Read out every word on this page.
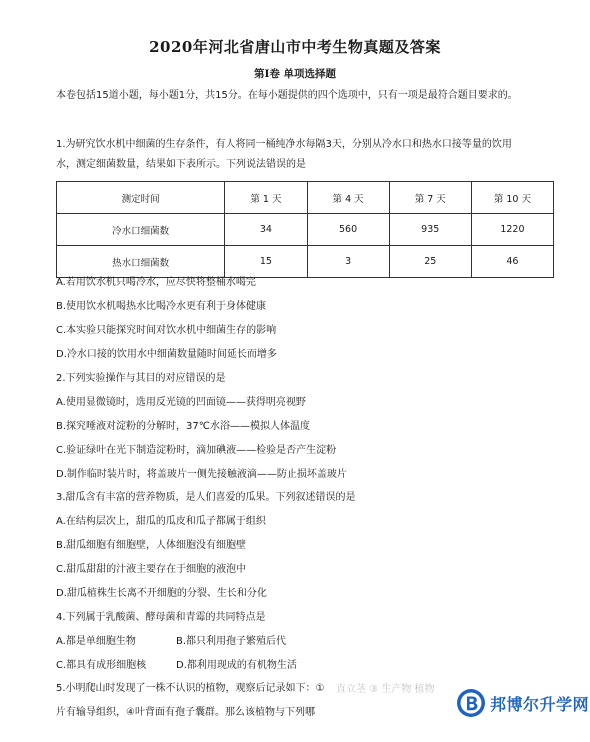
2020年河北省唐山市中考生物真题及答案
第Ⅰ卷 单项选择题
本卷包括15道小题，每小题1分，共15分。在每小题提供的四个选项中，只有一项是最符合题目要求的。
1.为研究饮水机中细菌的生存条件，有人将同一桶纯净水每隔3天，分别从冷水口和热水口接等量的饮用
水，测定细菌数量，结果如下表所示。下列说法错误的是
测定时间	第 1 天	第 4 天	第 7 天	第 10 天
冷水口细菌数	34	560	935	1220
热水口细菌数	15	3	25	46
A.若用饮水机只喝冷水，应尽快将整桶水喝完
B.使用饮水机喝热水比喝冷水更有利于身体健康
C.本实验只能探究时间对饮水机中细菌生存的影响
D.冷水口接的饮用水中细菌数量随时间延长而增多
2.下列实验操作与其目的对应错误的是
A.使用显微镜时，选用反光镜的凹面镜——获得明亮视野
B.探究唾液对淀粉的分解时，37℃水浴——模拟人体温度
C.验证绿叶在光下制造淀粉时，滴加碘液——检验是否产生淀粉
D.制作临时装片时，将盖玻片一侧先接触液滴——防止损坏盖玻片
3.甜瓜含有丰富的营养物质，是人们喜爱的瓜果。下列叙述错误的是
A.在结构层次上，甜瓜的瓜皮和瓜子都属于组织
B.甜瓜细胞有细胞壁，人体细胞没有细胞壁
C.甜瓜甜甜的汁液主要存在于细胞的液泡中
D.甜瓜植株生长离不开细胞的分裂、生长和分化
4.下列属于乳酸菌、酵母菌和青霉的共同特点是
A.都是单细胞生物	B.都只利用孢子繁殖后代
C.都具有成形细胞核	D.都利用现成的有机物生活
5.小明爬山时发现了一株不认识的植物，观察后记录如下：①
片有输导组织，④叶背面有孢子囊群。那么该植物与下列哪
直立茎 ③ 生产物 植物
邦博尔升学网
